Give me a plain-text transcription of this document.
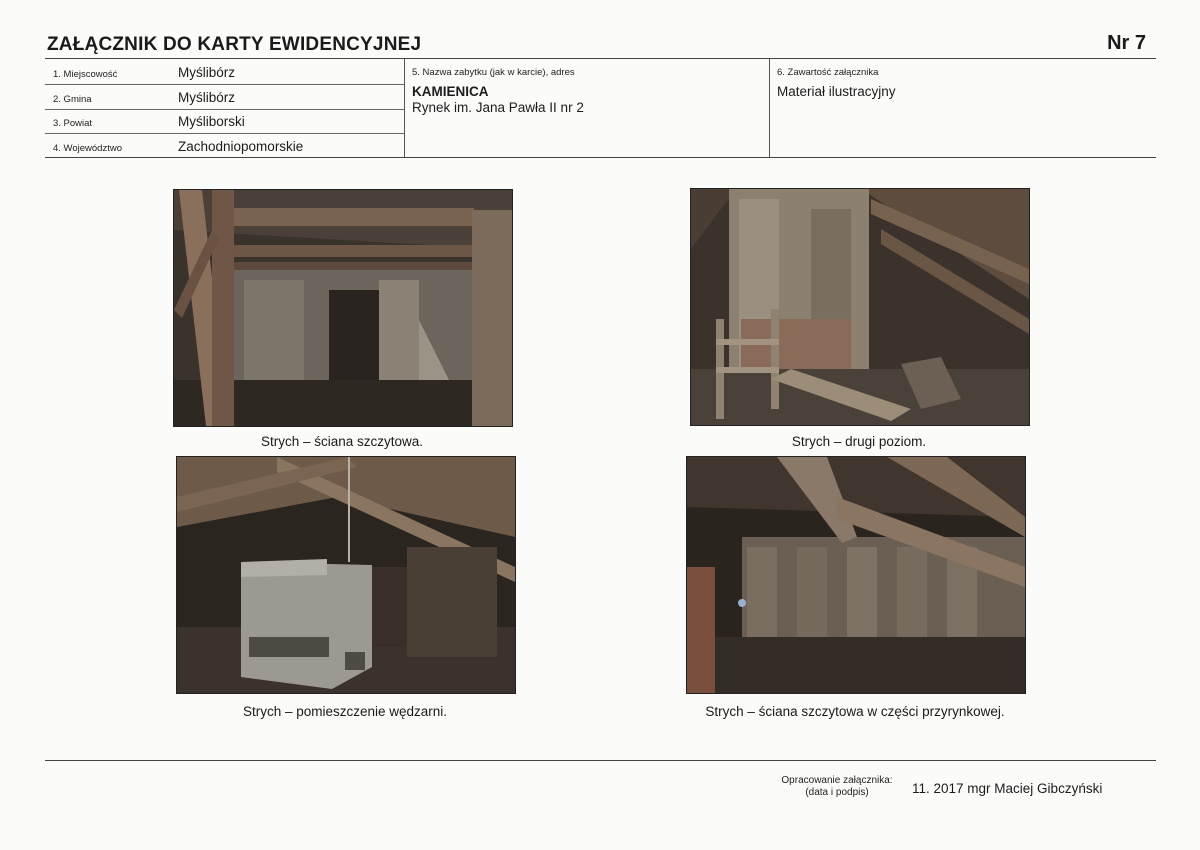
ZAŁĄCZNIK DO KARTY EWIDENCYJNEJ	Nr 7
1. Miejscowość	Myślibórz
2. Gmina	Myślibórz
3. Powiat	Myśliborski
4. Województwo	Zachodniopomorskie
5. Nazwa zabytku (jak w karcie), adres
KAMIENICA
Rynek im. Jana Pawła II nr 2
6. Zawartość załącznika
Materiał ilustracyjny
Strych – ściana szczytowa.	Strych – drugi poziom.
Strych – pomieszczenie wędzarni.	Strych – ściana szczytowa w części przyrynkowej.
Opracowanie załącznika:
(data i podpis)	11. 2017 mgr Maciej Gibczyński
